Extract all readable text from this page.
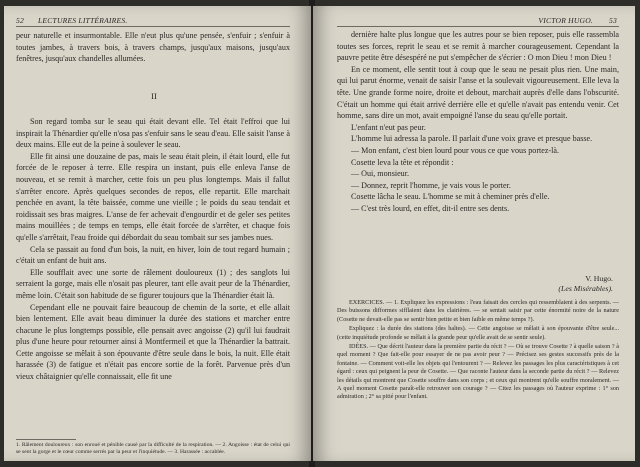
52 LECTURES LITTÉRAIRES.
peur naturelle et insurmontable. Elle n'eut plus qu'une pensée, s'enfuir ; s'enfuir à toutes jambes, à travers bois, à travers champs, jusqu'aux maisons, jusqu'aux fenêtres, jusqu'aux chandelles allumées.
II

Son regard tomba sur le seau qui était devant elle. Tel était l'effroi que lui inspirait la Thénardier qu'elle n'osa pas s'enfuir sans le seau d'eau. Elle saisit l'anse à deux mains. Elle eut de la peine à soulever le seau.

Elle fit ainsi une douzaine de pas, mais le seau était plein, il était lourd, elle fut forcée de le reposer à terre. Elle respira un instant, puis elle enleva l'anse de nouveau, et se remit à marcher, cette fois un peu plus longtemps. Mais il fallut s'arrêter encore. Après quelques secondes de repos, elle repartit. Elle marchait penchée en avant, la tête baissée, comme une vieille ; le poids du seau tendait et roidissait ses bras maigres. L'anse de fer achevait d'engourdir et de geler ses petites mains mouillées ; de temps en temps, elle était forcée de s'arrêter, et chaque fois qu'elle s'arrêtait, l'eau froide qui débordait du seau tombait sur ses jambes nues.

Cela se passait au fond d'un bois, la nuit, en hiver, loin de tout regard humain ; c'était un enfant de huit ans.

Elle soufflait avec une sorte de râlement douloureux (1) ; des sanglots lui serraient la gorge, mais elle n'osait pas pleurer, tant elle avait peur de la Thénardier, même loin. C'était son habitude de se figurer toujours que la Thénardier était là.

Cependant elle ne pouvait faire beaucoup de chemin de la sorte, et elle allait bien lentement. Elle avait beau diminuer la durée des stations et marcher entre chacune le plus longtemps possible, elle pensait avec angoisse (2) qu'il lui faudrait plus d'une heure pour retourner ainsi à Montfermeil et que la Thénardier la battrait. Cette angoisse se mêlait à son épouvante d'être seule dans le bois, la nuit. Elle était harassée (3) de fatigue et n'était pas encore sortie de la forêt. Parvenue près d'un vieux châtaignier qu'elle connaissait, elle fit une

1. Râlement douloureux : son enroué et pénible causé par la difficulté de la respiration. — 2. Angoisse : état de celui qui se sent la gorge et le cœur comme serrés par la peur et l'inquiétude. — 3. Harassée : accablée.
VICTOR HUGO. 53

dernière halte plus longue que les autres pour se bien reposer, puis elle rassembla toutes ses forces, reprit le seau et se remit à marcher courageusement. Cependant la pauvre petite être désespéré ne put s'empêcher de s'écrier : O mon Dieu ! mon Dieu !

En ce moment, elle sentit tout à coup que le seau ne pesait plus rien. Une main, qui lui parut énorme, venait de saisir l'anse et la soulevait vigoureusement. Elle leva la tête. Une grande forme noire, droite et debout, marchait auprès d'elle dans l'obscurité. C'était un homme qui était arrivé derrière elle et qu'elle n'avait pas entendu venir. Cet homme, sans dire un mot, avait empoigné l'anse du seau qu'elle portait.

L'enfant n'eut pas peur.

L'homme lui adressa la parole. Il parlait d'une voix grave et presque basse.

— Mon enfant, c'est bien lourd pour vous ce que vous portez-là.

Cosette leva la tête et répondit :

— Oui, monsieur.

— Donnez, reprit l'homme, je vais vous le porter.

Cosette lâcha le seau. L'homme se mit à cheminer près d'elle.

— C'est très lourd, en effet, dit-il entre ses dents.

V. Hugo.
(Les Misérables).

EXERCICES. — 1. Expliquez les expressions : l'eau faisait des cercles qui ressemblaient à des serpents. — Des buissons difformes sifflaient dans les clairières. — se sentait saisir par cette énormité noire de la nature (Cosette ne devait-elle pas se sentir bien petite et bien faible en même temps ?).

Expliquez : la durée des stations (des haltes). — Cette angoisse se mêlait à son épouvante d'être seule... (cette inquiétude profonde se mêlait à la grande peur qu'elle avait de se sentir seule).

IDÉES. — Que décrit l'auteur dans la première partie du récit ? — Où se trouve Cosette ? à quelle saison ? à quel moment ? Que fait-elle pour essayer de ne pas avoir peur ? — Précisez ses gestes successifs près de la fontaine. — Comment voit-elle les objets qui l'entourent ? — Relevez les passages les plus caractéristiques à cet égard : ceux qui peignent la peur de Cosette. — Que raconte l'auteur dans la seconde partie du récit ? — Relevez les détails qui montrent que Cosette souffre dans son corps ; et ceux qui montrent qu'elle souffre moralement. — A quel moment Cosette paraît-elle retrouver son courage ? — Citez les passages où l'auteur exprime : 1° son admiration ; 2° sa pitié pour l'enfant.
